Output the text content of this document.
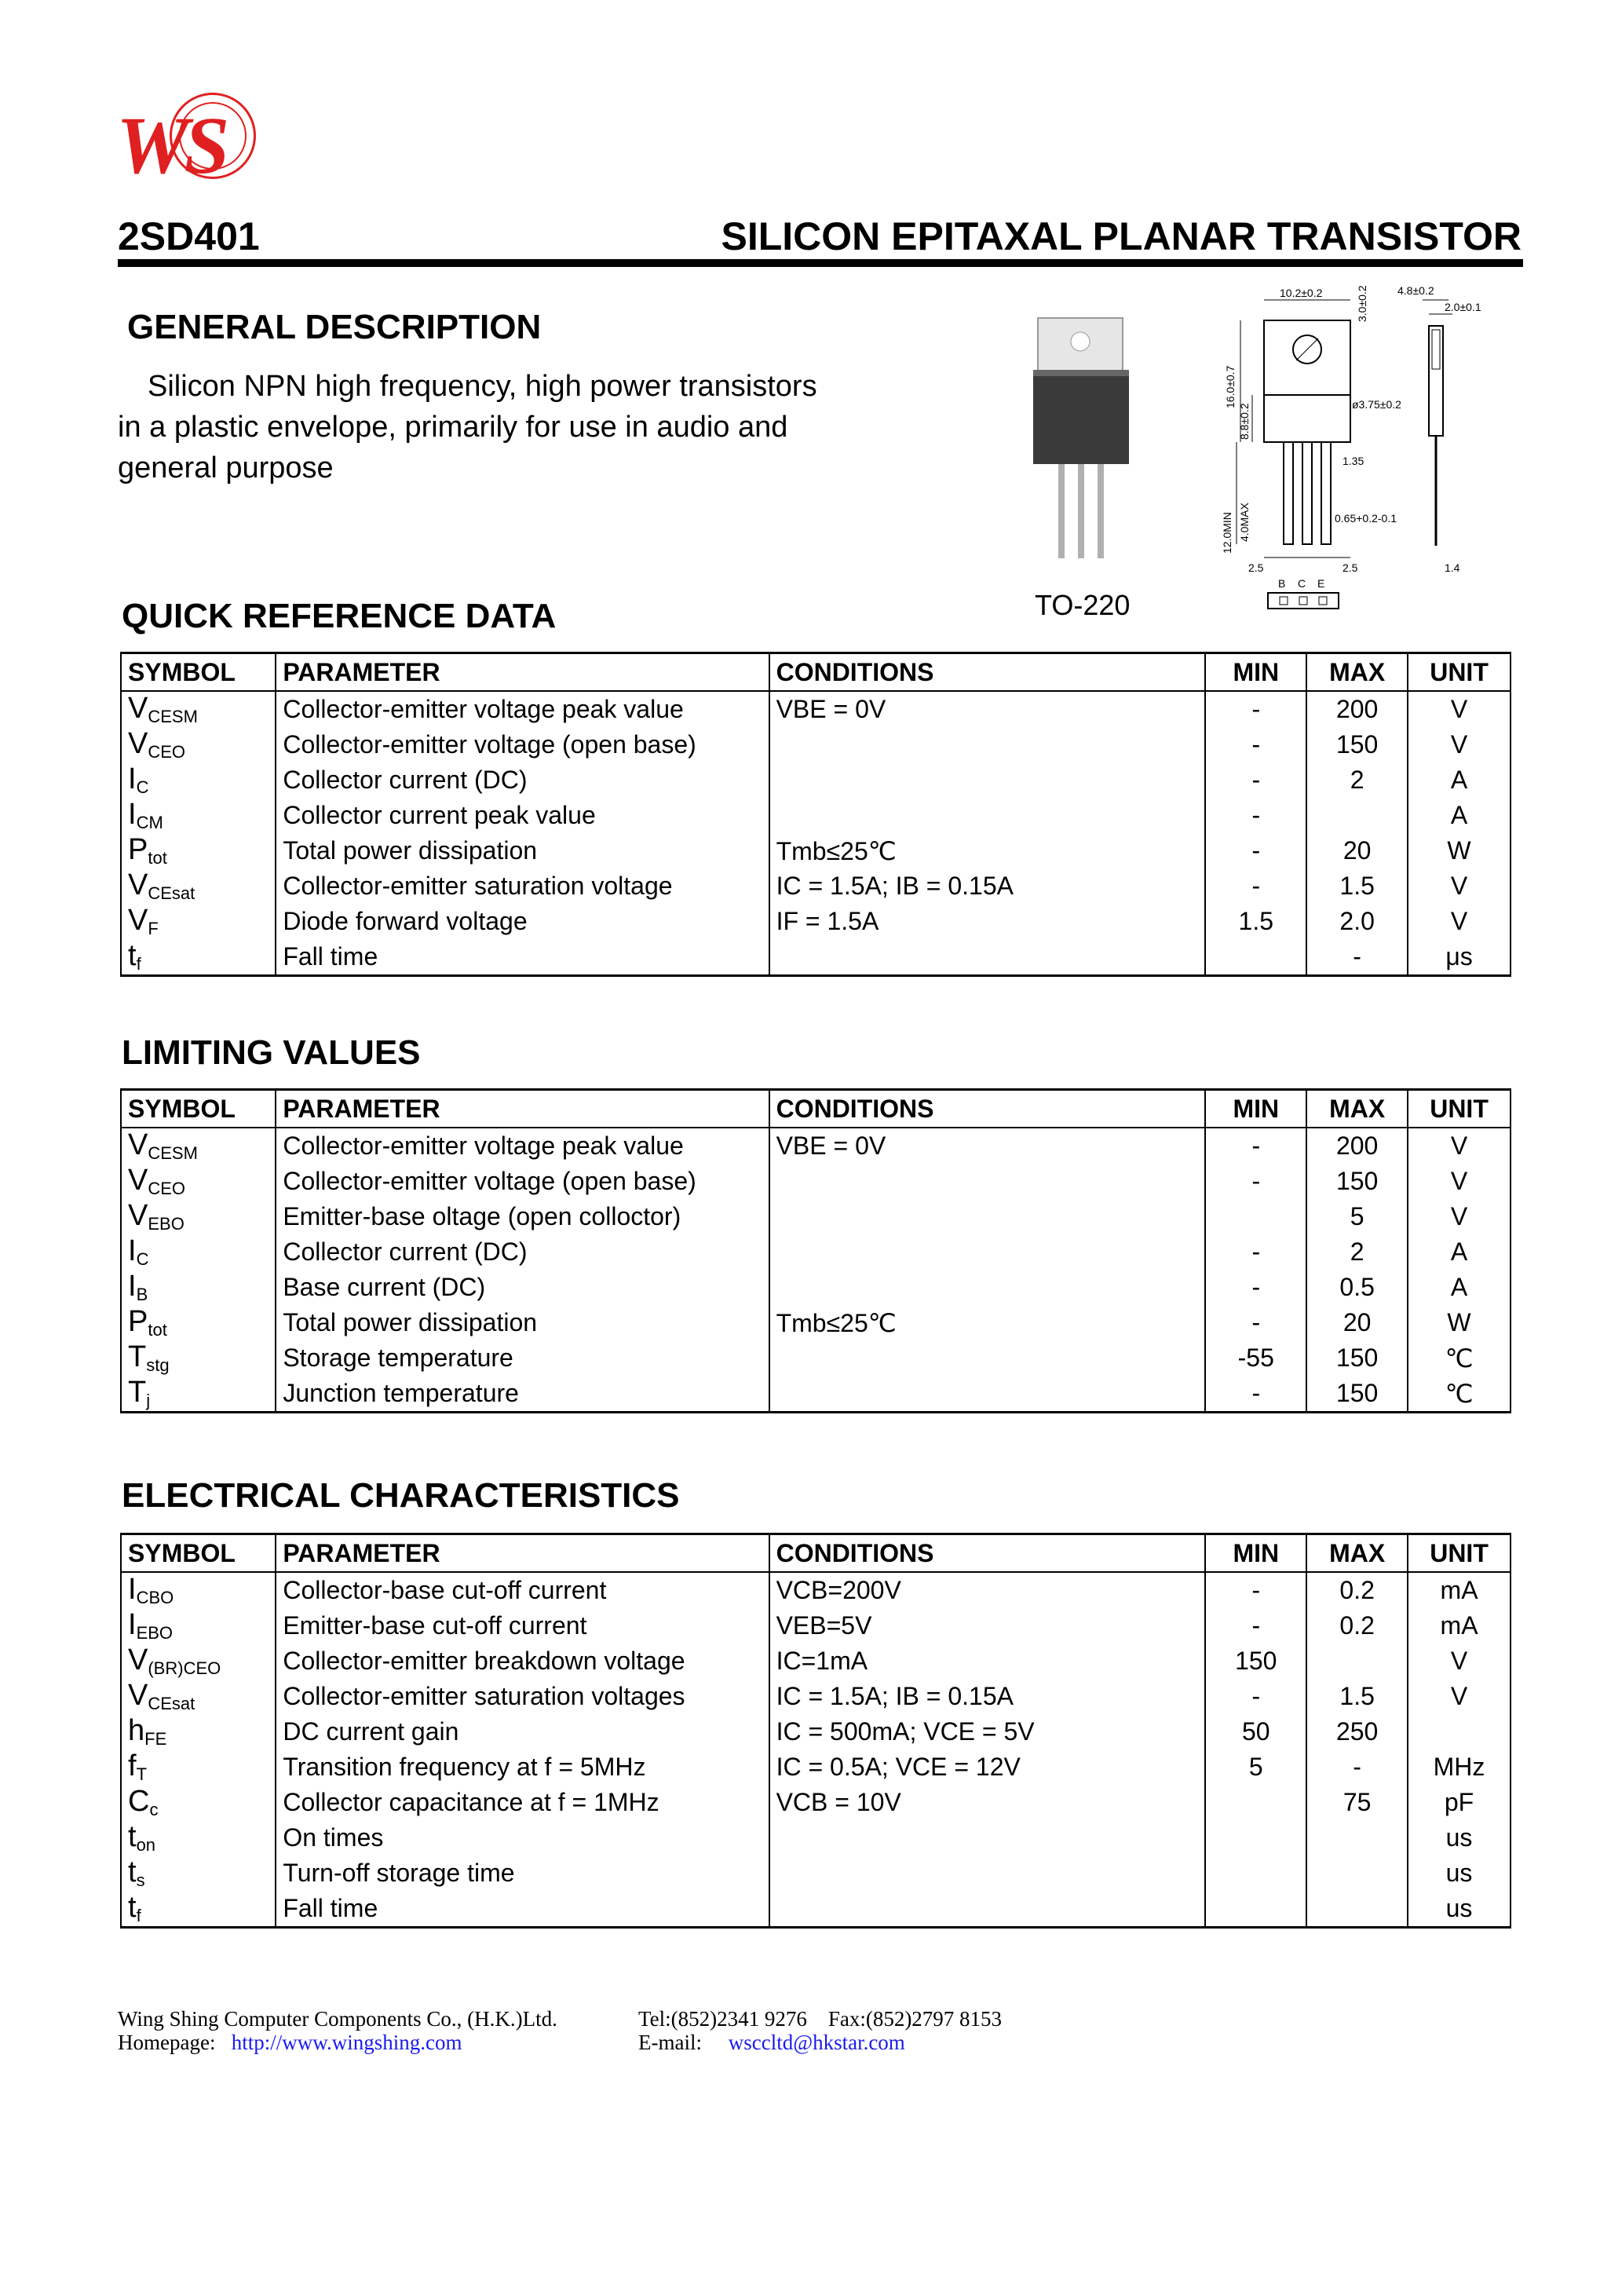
WS
2SD401	SILICON EPITAXAL PLANAR TRANSISTOR
GENERAL DESCRIPTION
Silicon NPN high frequency, high power transistors
in a plastic envelope, primarily for use in audio and
general purpose
TO-220
10.2±0.2	3.0±0.2	4.8±0.2
2.0±0.1
16.0±0.7
8.8±0.2	ø3.75±0.2
1.35
12.0MIN 4.0MAX	0.65+0.2-0.1
2.5	2.5	1.4
B C E
QUICK REFERENCE DATA
SYMBOL	PARAMETER	CONDITIONS	MIN	MAX	UNIT
$V_{CESM}$	Collector-emitter voltage peak value	VBE = 0V	-	200	V
$V_{CEO}$	Collector-emitter voltage (open base)		-	150	V
$I_C$	Collector current (DC)		-	2	A
$I_{CM}$	Collector current peak value		-		A
$P_{tot}$	Total power dissipation	Tmb≤25℃	-	20	W
$V_{CEsat}$	Collector-emitter saturation voltage	IC = 1.5A; IB = 0.15A	-	1.5	V
$V_F$	Diode forward voltage	IF = 1.5A	1.5	2.0	V
$t_f$	Fall time			-	μs
LIMITING VALUES
SYMBOL	PARAMETER	CONDITIONS	MIN	MAX	UNIT
$V_{CESM}$	Collector-emitter voltage peak value	VBE = 0V	-	200	V
$V_{CEO}$	Collector-emitter voltage (open base)		-	150	V
$V_{EBO}$	Emitter-base oltage (open colloctor)			5	V
$I_C$	Collector current (DC)		-	2	A
$I_B$	Base current (DC)		-	0.5	A
$P_{tot}$	Total power dissipation	Tmb≤25℃	-	20	W
$T_{stg}$	Storage temperature		-55	150	℃
$T_j$	Junction temperature		-	150	℃
ELECTRICAL CHARACTERISTICS
SYMBOL	PARAMETER	CONDITIONS	MIN	MAX	UNIT
$I_{CBO}$	Collector-base cut-off current	VCB=200V	-	0.2	mA
$I_{EBO}$	Emitter-base cut-off current	VEB=5V	-	0.2	mA
$V_{(BR)CEO}$	Collector-emitter breakdown voltage	IC=1mA	150		V
$V_{CEsat}$	Collector-emitter saturation voltages	IC = 1.5A; IB = 0.15A	-	1.5	V
$h_{FE}$	DC current gain	IC = 500mA; VCE = 5V	50	250	
$f_T$	Transition frequency at f = 5MHz	IC = 0.5A; VCE = 12V	5	-	MHz
$C_c$	Collector capacitance at f = 1MHz	VCB = 10V		75	pF
$t_{on}$	On times				us
$t_s$	Turn-off storage time				us
$t_f$	Fall time				us
Wing Shing Computer Components Co., (H.K.)Ltd.
Homepage: http://www.wingshing.com
Tel:(852)2341 9276 Fax:(852)2797 8153
E-mail: wsccltd@hkstar.com
